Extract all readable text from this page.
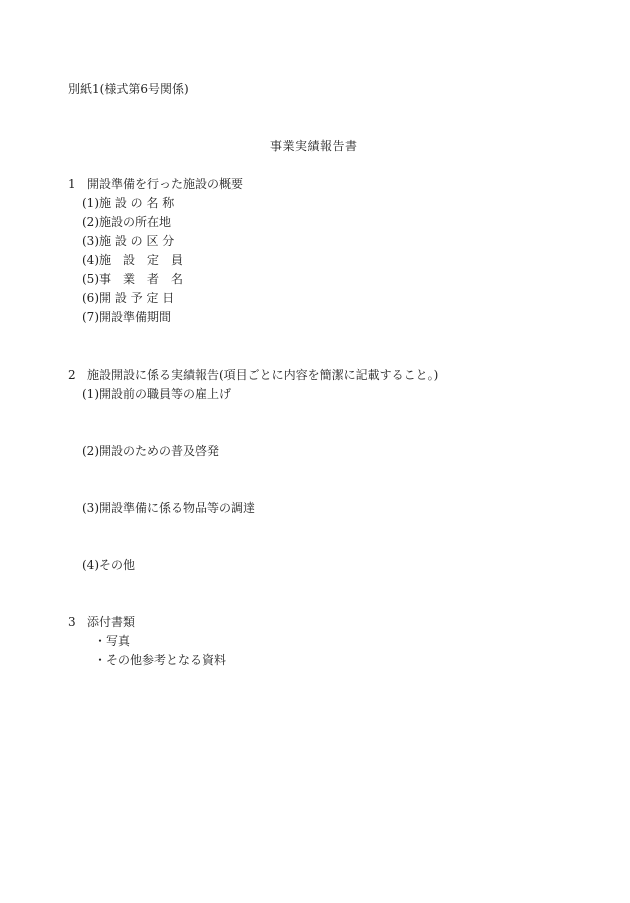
別紙1(様式第6号関係)
事業実績報告書
1 開設準備を行った施設の概要
(1)施 設 の 名 称
(2)施設の所在地
(3)施 設 の 区 分
(4)施　設　定　員
(5)事　業　者　名
(6)開 設 予 定 日
(7)開設準備期間
2 施設開設に係る実績報告(項目ごとに内容を簡潔に記載すること。)
(1)開設前の職員等の雇上げ
(2)開設のための普及啓発
(3)開設準備に係る物品等の調達
(4)その他
3 添付書類
・写真
・その他参考となる資料
